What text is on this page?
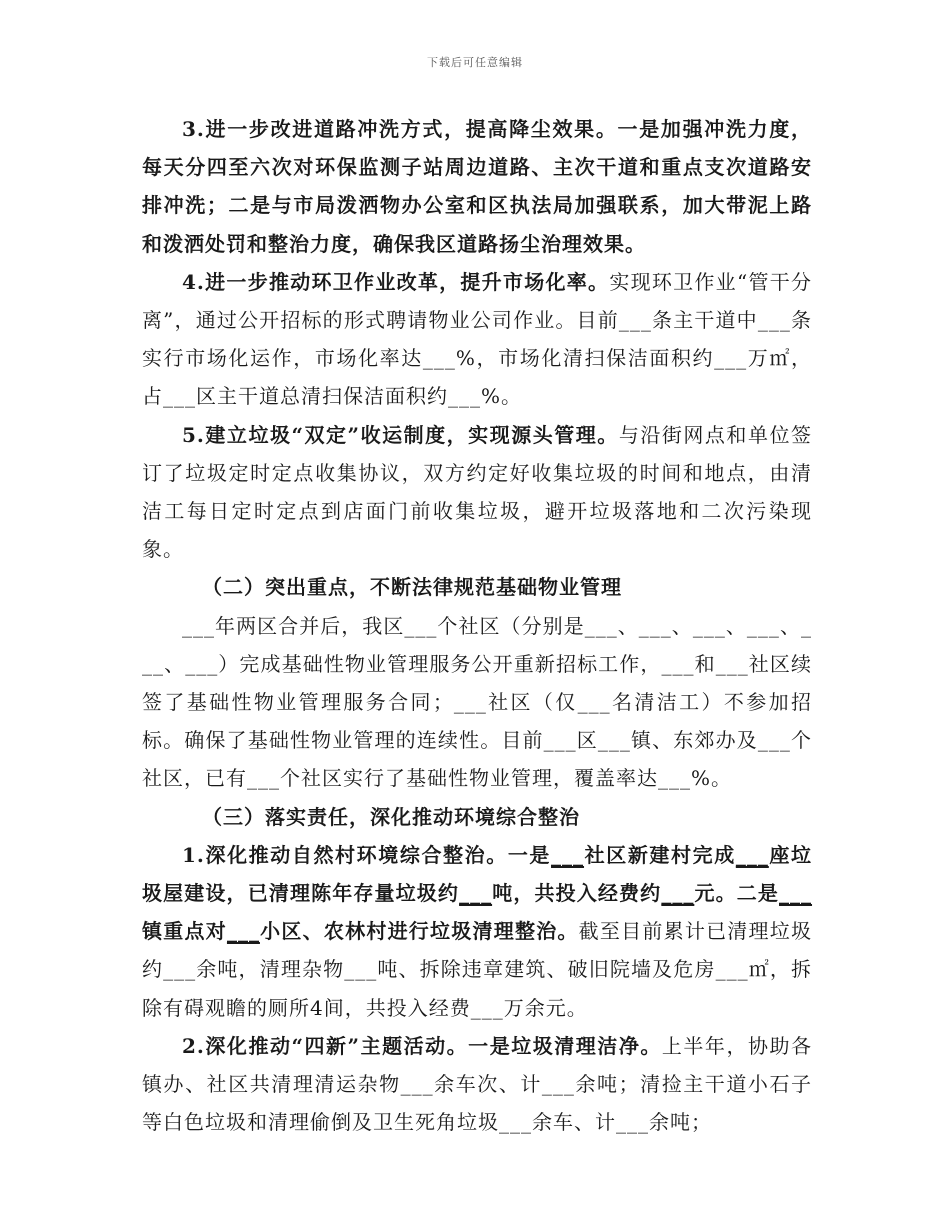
下载后可任意编辑

3.进一步改进道路冲洗方式，提高降尘效果。一是加强冲洗力度，每天分四至六次对环保监测子站周边道路、主次干道和重点支次道路安排冲洗；二是与市局泼洒物办公室和区执法局加强联系，加大带泥上路和泼洒处罚和整治力度，确保我区道路扬尘治理效果。

4.进一步推动环卫作业改革，提升市场化率。实现环卫作业“管干分离”，通过公开招标的形式聘请物业公司作业。目前___条主干道中___条实行市场化运作，市场化率达___%，市场化清扫保洁面积约___万㎡，占___区主干道总清扫保洁面积约___%。

5.建立垃圾“双定”收运制度，实现源头管理。与沿街网点和单位签订了垃圾定时定点收集协议，双方约定好收集垃圾的时间和地点，由清洁工每日定时定点到店面门前收集垃圾，避开垃圾落地和二次污染现象。

（二）突出重点，不断法律规范基础物业管理

___年两区合并后，我区___个社区（分别是___、___、___、___、___、___）完成基础性物业管理服务公开重新招标工作，___和___社区续签了基础性物业管理服务合同；___社区（仅___名清洁工）不参加招标。确保了基础性物业管理的连续性。目前___区___镇、东郊办及___个社区，已有___个社区实行了基础性物业管理，覆盖率达___%。

（三）落实责任，深化推动环境综合整治

1.深化推动自然村环境综合整治。一是___社区新建村完成___座垃圾屋建设，已清理陈年存量垃圾约___吨，共投入经费约___元。二是___镇重点对___小区、农林村进行垃圾清理整治。截至目前累计已清理垃圾约___余吨，清理杂物___吨、拆除违章建筑、破旧院墙及危房___㎡，拆除有碍观瞻的厕所4间，共投入经费___万余元。

2.深化推动“四新”主题活动。一是垃圾清理洁净。上半年，协助各镇办、社区共清理清运杂物___余车次、计___余吨；清捡主干道小石子等白色垃圾和清理偷倒及卫生死角垃圾___余车、计___余吨；
